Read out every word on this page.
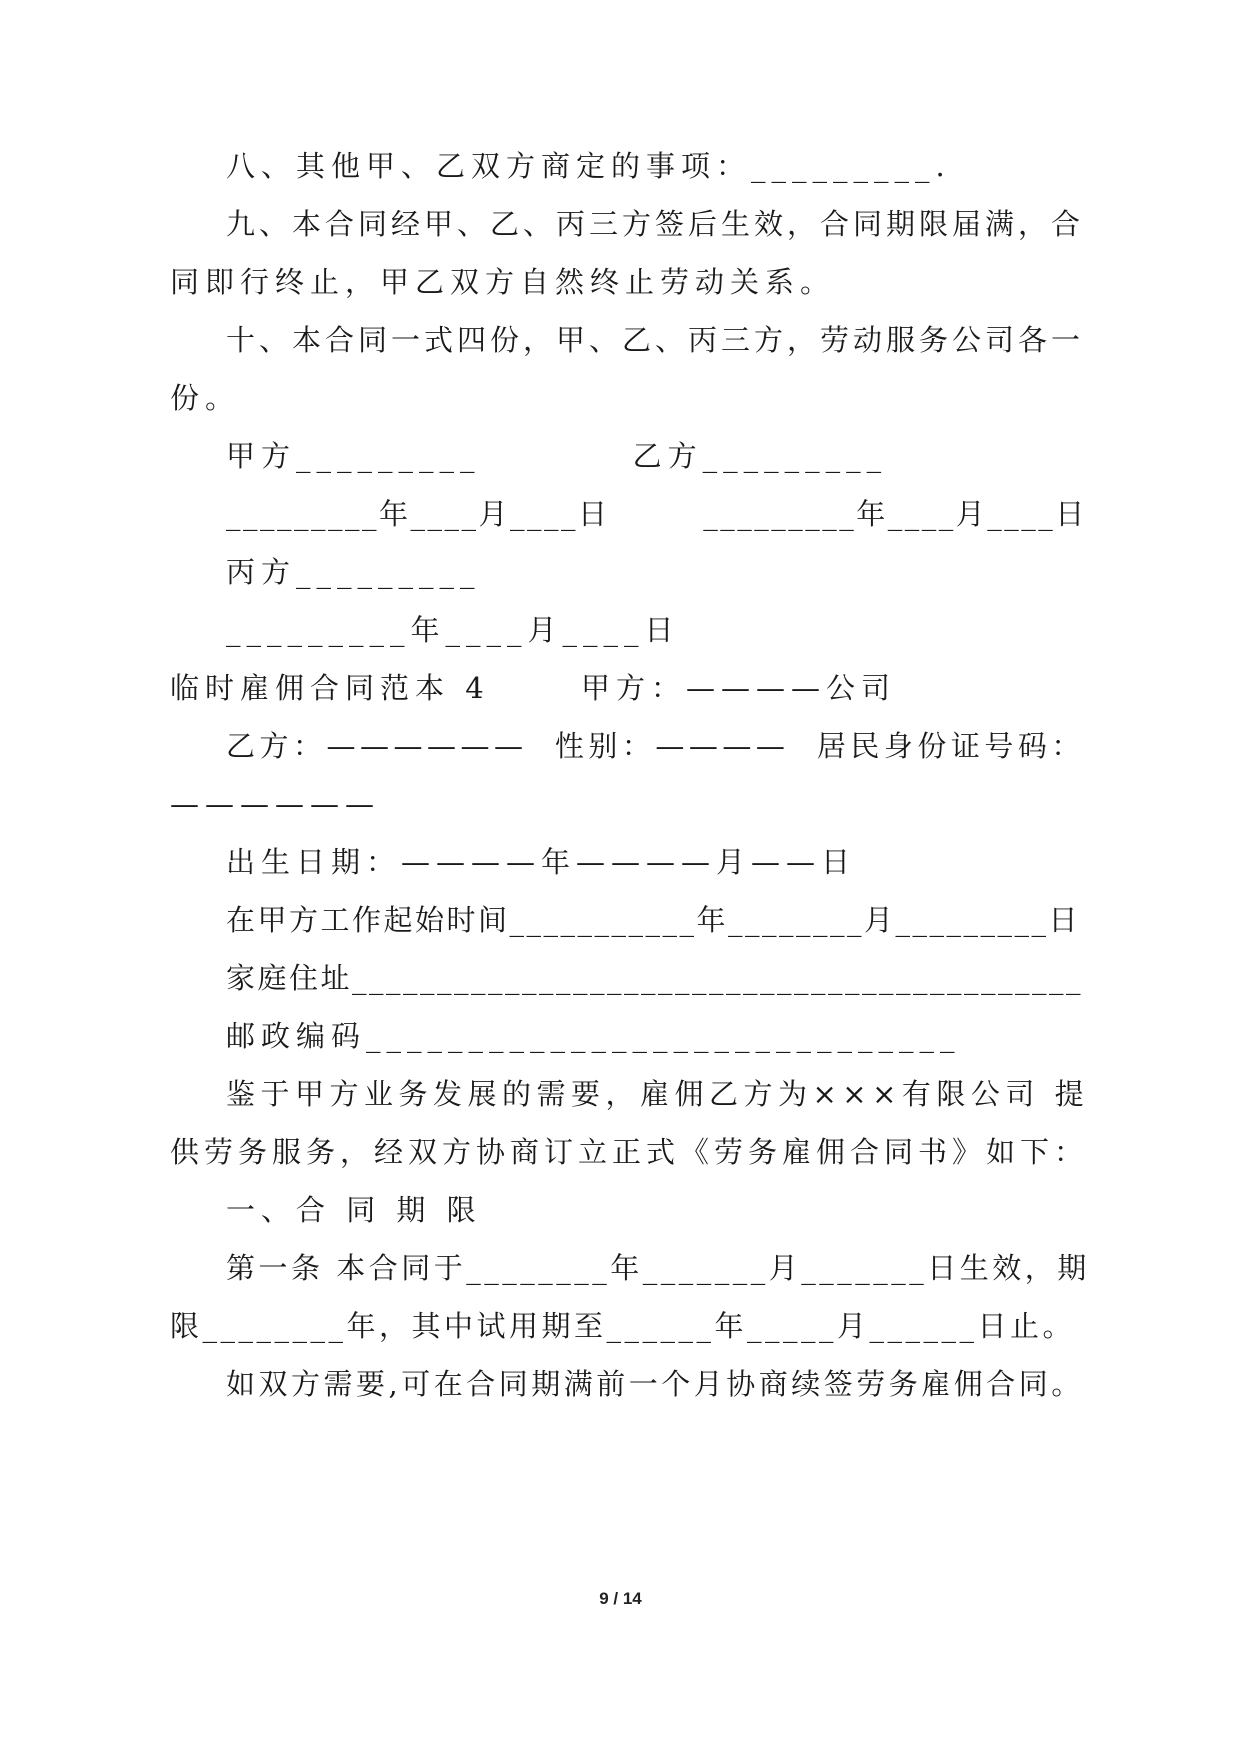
八、其他甲、乙双方商定的事项：_________.
九、本合同经甲、乙、丙三方签后生效，合同期限届满，合
同即行终止，甲乙双方自然终止劳动关系。
十、本合同一式四份，甲、乙、丙三方，劳动服务公司各一
份。
甲方_________          乙方_________
_________年____月____日        _________年____月____日
丙方_________
_________年____月____日
临时雇佣合同范本 4      甲方：————公司
乙方：——————  性别：————  居民身份证号码：
——————
出生日期：————年————月——日
在甲方工作起始时间___________年________月_________日
家庭住址___________________________________________
邮政编码_____________________________
鉴于甲方业务发展的需要，雇佣乙方为×××有限公司 提
供劳务服务，经双方协商订立正式《劳务雇佣合同书》如下：
一、合 同 期 限
第一条 本合同于________年_______月_______日生效，期
限________年，其中试用期至______年_____月______日止。
如双方需要,可在合同期满前一个月协商续签劳务雇佣合同。
9 / 14
